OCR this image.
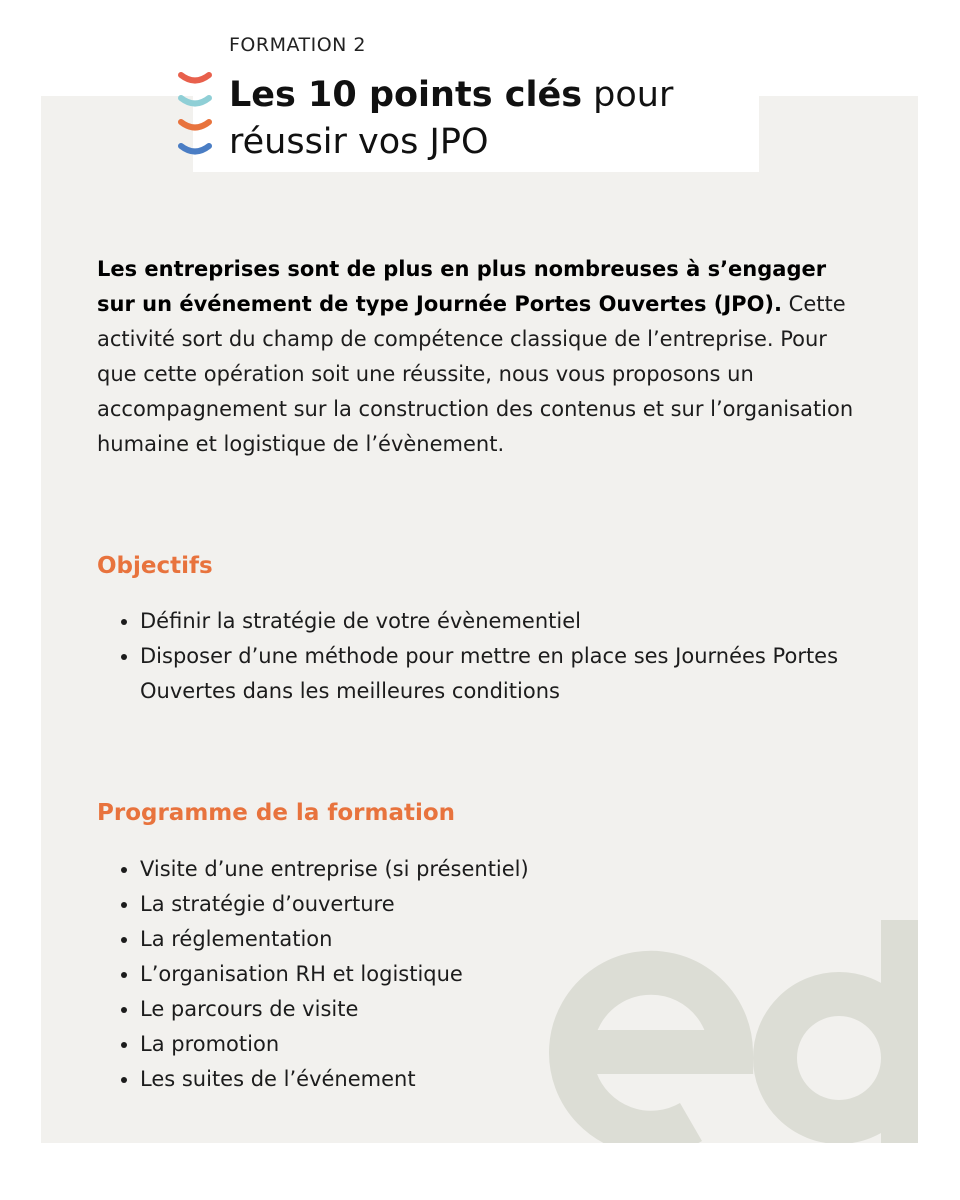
FORMATION 2

Les 10 points clés pour
réussir vos JPO

Les entreprises sont de plus en plus nombreuses à s’engager sur un événement de type Journée Portes Ouvertes (JPO). Cette activité sort du champ de compétence classique de l’entreprise. Pour que cette opération soit une réussite, nous vous proposons un accompagnement sur la construction des contenus et sur l’organisation humaine et logistique de l’évènement.

Objectifs
• Définir la stratégie de votre évènementiel
• Disposer d’une méthode pour mettre en place ses Journées Portes Ouvertes dans les meilleures conditions
Programme de la formation
• Visite d’une entreprise (si présentiel)
• La stratégie d’ouverture
• La réglementation
• L’organisation RH et logistique
• Le parcours de visite
• La promotion
• Les suites de l’événement
